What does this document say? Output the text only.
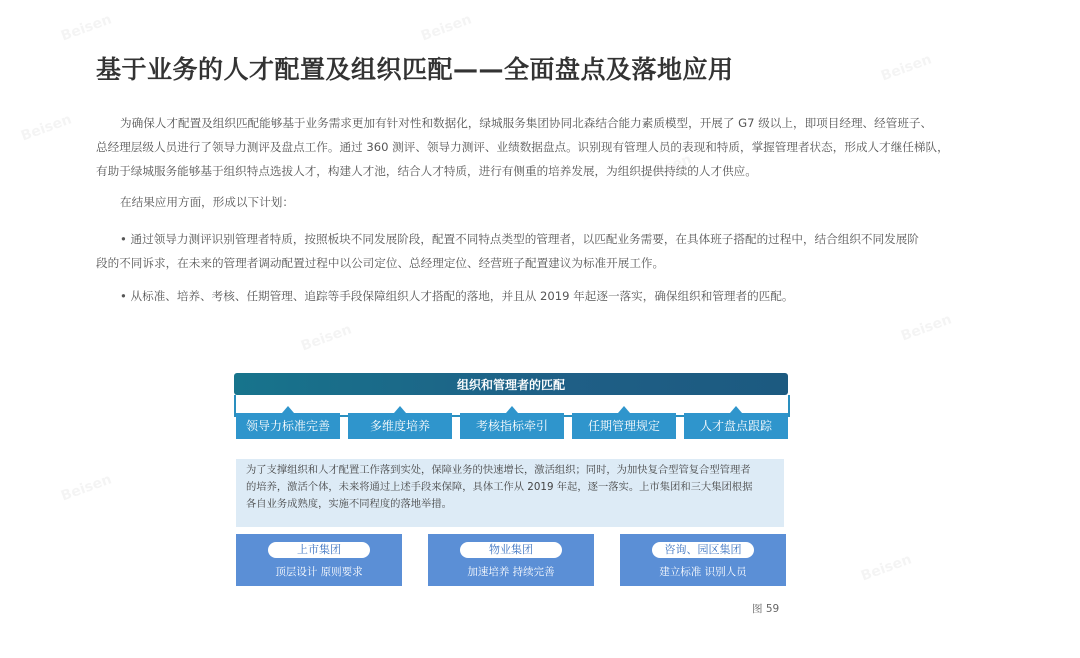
基于业务的人才配置及组织匹配——全面盘点及落地应用
为确保人才配置及组织匹配能够基于业务需求更加有针对性和数据化，绿城服务集团协同北森结合能力素质模型，开展了 G7 级以上，即项目经理、经管班子、
总经理层级人员进行了领导力测评及盘点工作。通过 360 测评、领导力测评、业绩数据盘点。识别现有管理人员的表现和特质，掌握管理者状态，形成人才继任梯队，
有助于绿城服务能够基于组织特点选拔人才，构建人才池，结合人才特质，进行有侧重的培养发展，为组织提供持续的人才供应。
在结果应用方面，形成以下计划：
• 通过领导力测评识别管理者特质，按照板块不同发展阶段，配置不同特点类型的管理者，以匹配业务需要，在具体班子搭配的过程中，结合组织不同发展阶
段的不同诉求，在未来的管理者调动配置过程中以公司定位、总经理定位、经营班子配置建议为标准开展工作。
• 从标准、培养、考核、任期管理、追踪等手段保障组织人才搭配的落地，并且从 2019 年起逐一落实，确保组织和管理者的匹配。
组织和管理者的匹配
领导力标准完善	多维度培养	考核指标牵引	任期管理规定	人才盘点跟踪
为了支撑组织和人才配置工作落到实处，保障业务的快速增长，激活组织；同时，为加快复合型管复合型管理者
的培养，激活个体，未来将通过上述手段来保障，具体工作从 2019 年起，逐一落实。上市集团和三大集团根据
各自业务成熟度，实施不同程度的落地举措。
上市集团
顶层设计 原则要求
物业集团
加速培养 持续完善
咨询、园区集团
建立标准 识别人员
图 59
